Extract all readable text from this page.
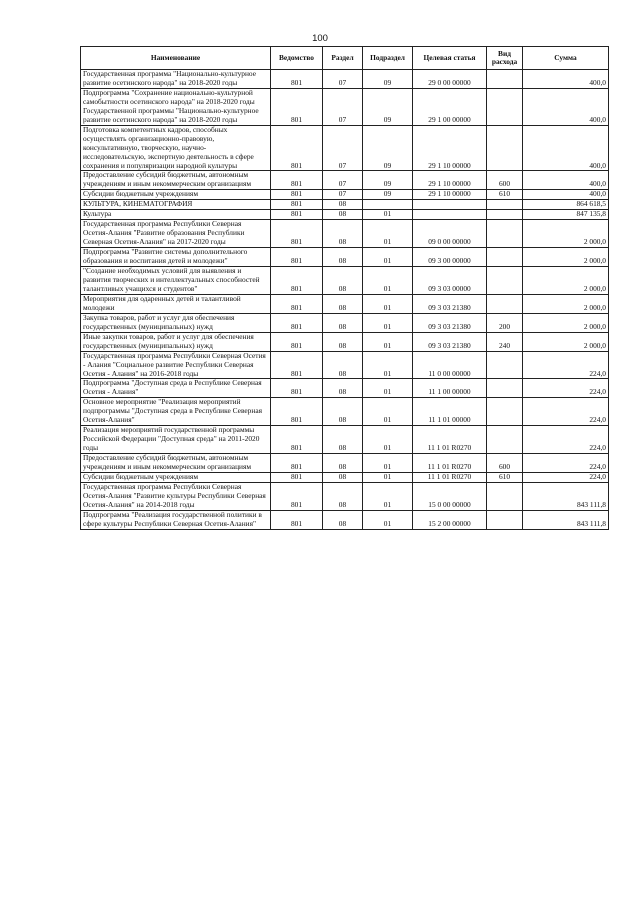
100
Наименование	Ведомство	Раздел	Подраздел	Целевая статья	Вид расхода	Сумма
Государственная программа "Национально-культурное развитие осетинского народа" на 2018-2020 годы	801	07	09	29 0 00 00000		400,0
Подпрограмма "Сохранение национально-культурной самобытности осетинского народа" на 2018-2020 годы Государственной программы "Национально-культурное развитие осетинского народа" на 2018-2020 годы	801	07	09	29 1 00 00000		400,0
Подготовка компетентных кадров, способных осуществлять организационно-правовую, консультативную, творческую, научно-исследовательскую, экспертную деятельность в сфере сохранения и популяризации народной культуры	801	07	09	29 1 10 00000		400,0
Предоставление субсидий бюджетным, автономным учреждениям и иным некоммерческим организациям	801	07	09	29 1 10 00000	600	400,0
Субсидии бюджетным учреждениям	801	07	09	29 1 10 00000	610	400,0
КУЛЬТУРА, КИНЕМАТОГРАФИЯ	801	08				864 618,5
Культура	801	08	01			847 135,8
Государственная программа Республики Северная Осетия-Алания "Развитие образования Республики Северная Осетия-Алания" на 2017-2020 годы	801	08	01	09 0 00 00000		2 000,0
Подпрограмма "Развитие системы дополнительного образования и воспитания детей и молодежи"	801	08	01	09 3 00 00000		2 000,0
"Создание необходимых условий для выявления и развития творческих и интеллектуальных способностей талантливых учащихся и студентов"	801	08	01	09 3 03 00000		2 000,0
Мероприятия для одаренных детей и талантливой молодежи	801	08	01	09 3 03 21380		2 000,0
Закупка товаров, работ и услуг для обеспечения государственных (муниципальных) нужд	801	08	01	09 3 03 21380	200	2 000,0
Иные закупки товаров, работ и услуг для обеспечения государственных (муниципальных) нужд	801	08	01	09 3 03 21380	240	2 000,0
Государственная программа Республики Северная Осетия - Алания "Социальное развитие Республики Северная Осетия - Алания" на 2016-2018 годы	801	08	01	11 0 00 00000		224,0
Подпрограмма "Доступная среда в Республике Северная Осетия - Алания"	801	08	01	11 1 00 00000		224,0
Основное мероприятие "Реализация мероприятий подпрограммы "Доступная среда в Республике Северная Осетия-Алания"	801	08	01	11 1 01 00000		224,0
Реализация мероприятий государственной программы Российской Федерации "Доступная среда" на 2011-2020 годы	801	08	01	11 1 01 R0270		224,0
Предоставление субсидий бюджетным, автономным учреждениям и иным некоммерческим организациям	801	08	01	11 1 01 R0270	600	224,0
Субсидии бюджетным учреждениям	801	08	01	11 1 01 R0270	610	224,0
Государственная программа Республики Северная Осетия-Алания "Развитие культуры Республики Северная Осетия-Алания" на 2014-2018 годы	801	08	01	15 0 00 00000		843 111,8
Подпрограмма "Реализация государственной политики в сфере культуры Республики Северная Осетия-Алания"	801	08	01	15 2 00 00000		843 111,8
